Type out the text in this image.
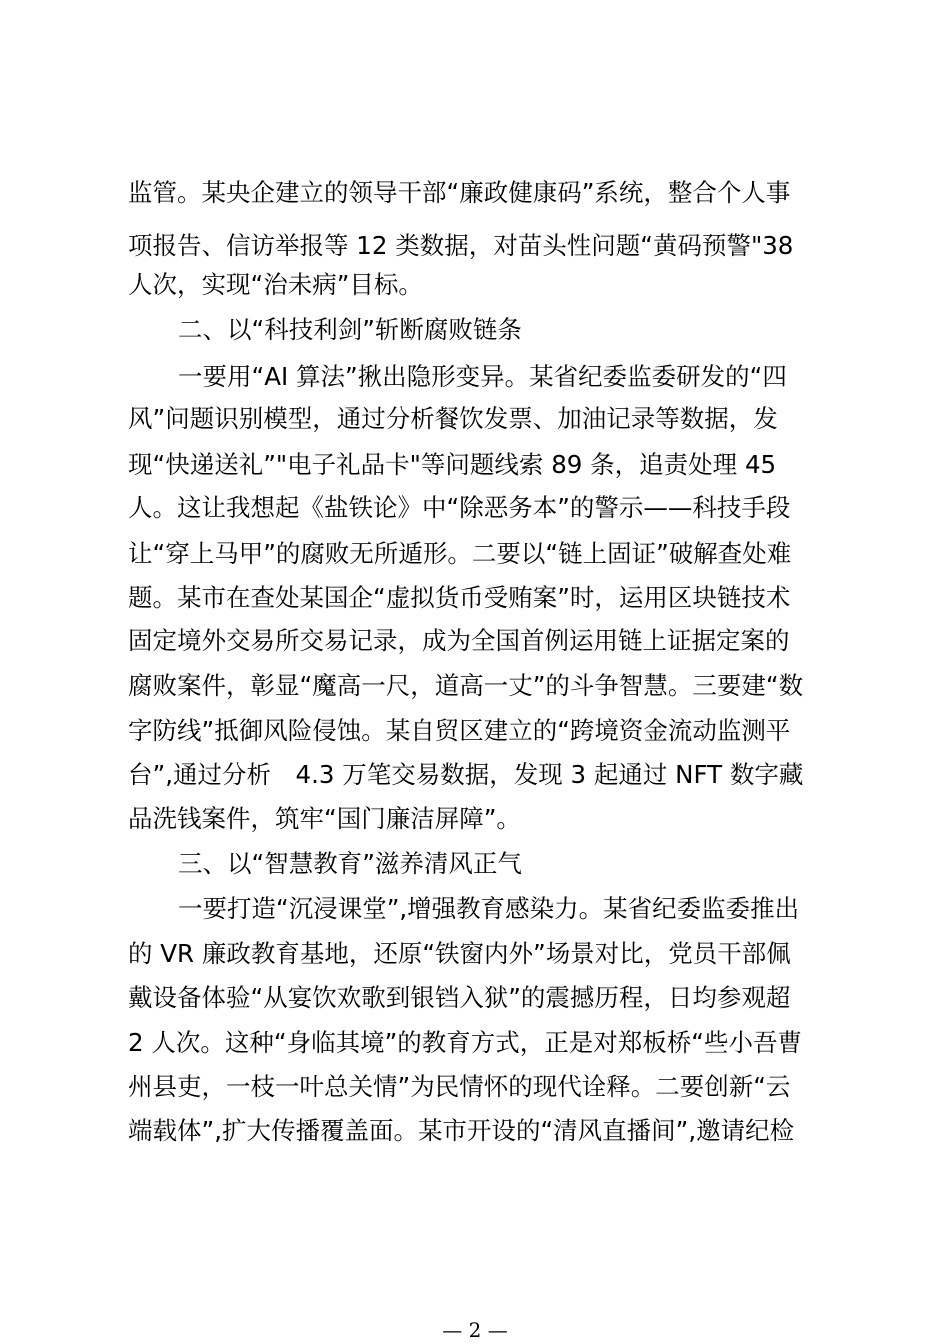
监管。某央企建立的领导干部“廉政健康码”系统，整合个人事

项报告、信访举报等 12 类数据，对苗头性问题“黄码预警"38

人次，实现“治未病”目标。

二、以“科技利剑”斩断腐败链条

一要用“AI 算法”揪出隐形变异。某省纪委监委研发的“四

风”问题识别模型，通过分析餐饮发票、加油记录等数据，发

现“快递送礼”"电子礼品卡"等问题线索 89 条，追责处理 45

人。这让我想起《盐铁论》中“除恶务本”的警示——科技手段

让“穿上马甲”的腐败无所遁形。二要以“链上固证”破解查处难

题。某市在查处某国企“虚拟货币受贿案”时，运用区块链技术

固定境外交易所交易记录，成为全国首例运用链上证据定案的

腐败案件，彰显“魔高一尺，道高一丈”的斗争智慧。三要建“数

字防线”抵御风险侵蚀。某自贸区建立的“跨境资金流动监测平

台”,通过分析　4.3 万笔交易数据，发现 3 起通过 NFT 数字藏

品洗钱案件，筑牢“国门廉洁屏障”。

三、以“智慧教育”滋养清风正气

一要打造“沉浸课堂”,增强教育感染力。某省纪委监委推出

的 VR 廉政教育基地，还原“铁窗内外”场景对比，党员干部佩

戴设备体验“从宴饮欢歌到银铛入狱”的震撼历程，日均参观超

2 人次。这种“身临其境”的教育方式，正是对郑板桥“些小吾曹

州县吏，一枝一叶总关情”为民情怀的现代诠释。二要创新“云

端载体”,扩大传播覆盖面。某市开设的“清风直播间”,邀请纪检

— 2 —
